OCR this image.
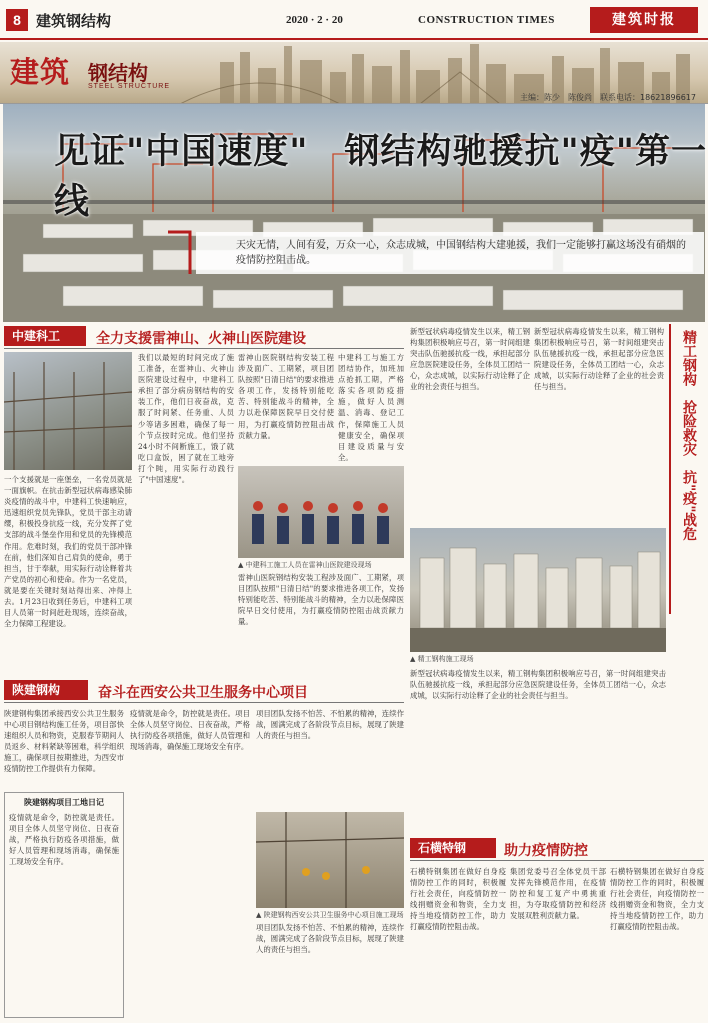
8	建筑钢结构	2020 · 2 · 20	CONSTRUCTION TIMES	建筑时报
建筑 钢结构
STEEL STRUCTURE
主编：陈少　陈俊尚　联系电话：18621896617
见证"中国速度"　钢结构驰援抗"疫"第一线
天灾无情，人间有爱，万众一心，众志成城，中国钢结构大建驰援，我们一定能够打赢这场没有硝烟的疫情防控阻击战。
中建科工	全力支援雷神山、火神山医院建设
一个支援就是一座堡垒，一名党员就是一面旗帜。在抗击新型冠状病毒感染肺炎疫情的战斗中，中建科工快速响应，迅速组织党员先锋队，党员干部主动请缨，积极投身抗疫一线，充分发挥了党支部的战斗堡垒作用和党员的先锋模范作用。危难时刻，我们的党员干部冲锋在前，他们深知自己肩负的使命，勇于担当，甘于奉献，用实际行动诠释着共产党员的初心和使命。作为一名党员，就是要在关键时刻站得出来、冲得上去。1月23日收到任务后，中建科工项目人员第一时间赶赴现场，连续奋战，全力保障工程建设。
我们以最短的时间完成了施工准备，在雷神山、火神山医院建设过程中，中建科工承担了部分病房钢结构的安装工作，他们日夜奋战，克服了时间紧、任务重、人员少等诸多困难，确保了每一个节点按时完成。他们坚持24小时不间断施工，饿了就吃口盒饭，困了就在工地旁打个盹，用实际行动践行了"中国速度"。
雷神山医院钢结构安装工程涉及面广、工期紧，项目团队按照"日清日结"的要求推进各项工作，发扬特别能吃苦、特别能战斗的精神，全力以赴保障医院早日交付使用，为打赢疫情防控阻击战贡献力量。
▲ 中建科工施工人员在雷神山医院建设现场
中建科工与施工方团结协作，加班加点抢抓工期，严格落实各项防疫措施，做好人员测温、消毒、登记工作，保障施工人员健康安全，确保项目建设质量与安全。
雷神山医院钢结构安装工程涉及面广、工期紧，项目团队按照"日清日结"的要求推进各项工作，发扬特别能吃苦、特别能战斗的精神，全力以赴保障医院早日交付使用，为打赢疫情防控阻击战贡献力量。
新型冠状病毒疫情发生以来，精工钢构集团积极响应号召，第一时间组建突击队伍驰援抗疫一线，承担起部分应急医院建设任务，全体员工团结一心，众志成城，以实际行动诠释了企业的社会责任与担当。
新型冠状病毒疫情发生以来，精工钢构集团积极响应号召，第一时间组建突击队伍驰援抗疫一线，承担起部分应急医院建设任务，全体员工团结一心，众志成城，以实际行动诠释了企业的社会责任与担当。
▲ 精工钢构施工现场
新型冠状病毒疫情发生以来，精工钢构集团积极响应号召，第一时间组建突击队伍驰援抗疫一线，承担起部分应急医院建设任务，全体员工团结一心，众志成城，以实际行动诠释了企业的社会责任与担当。
精工钢构　抢险救灾　抗"疫"战危
陕建钢构	奋斗在西安公共卫生服务中心项目
陕建钢构集团承接西安公共卫生服务中心项目钢结构施工任务，项目部快速组织人员和物资，克服春节期间人员返乡、材料紧缺等困难，科学组织施工，确保项目按期推进，为西安市疫情防控工作提供有力保障。
陕建钢构项目工地日记
疫情就是命令，防控就是责任。项目全体人员坚守岗位、日夜奋战，严格执行防疫各项措施，做好人员管理和现场消毒，确保施工现场安全有序。
疫情就是命令，防控就是责任。项目全体人员坚守岗位、日夜奋战，严格执行防疫各项措施，做好人员管理和现场消毒，确保施工现场安全有序。
项目团队发扬不怕苦、不怕累的精神，连续作战，圆满完成了各阶段节点目标，展现了陕建人的责任与担当。
▲ 陕建钢构西安公共卫生服务中心项目施工现场
项目团队发扬不怕苦、不怕累的精神，连续作战，圆满完成了各阶段节点目标，展现了陕建人的责任与担当。
石横特钢	助力疫情防控
石横特钢集团在做好自身疫情防控工作的同时，积极履行社会责任，向疫情防控一线捐赠资金和物资，全力支持当地疫情防控工作，助力打赢疫情防控阻击战。
集团党委号召全体党员干部发挥先锋模范作用，在疫情防控和复工复产中勇挑重担，为夺取疫情防控和经济发展双胜利贡献力量。
石横特钢集团在做好自身疫情防控工作的同时，积极履行社会责任，向疫情防控一线捐赠资金和物资，全力支持当地疫情防控工作，助力打赢疫情防控阻击战。
